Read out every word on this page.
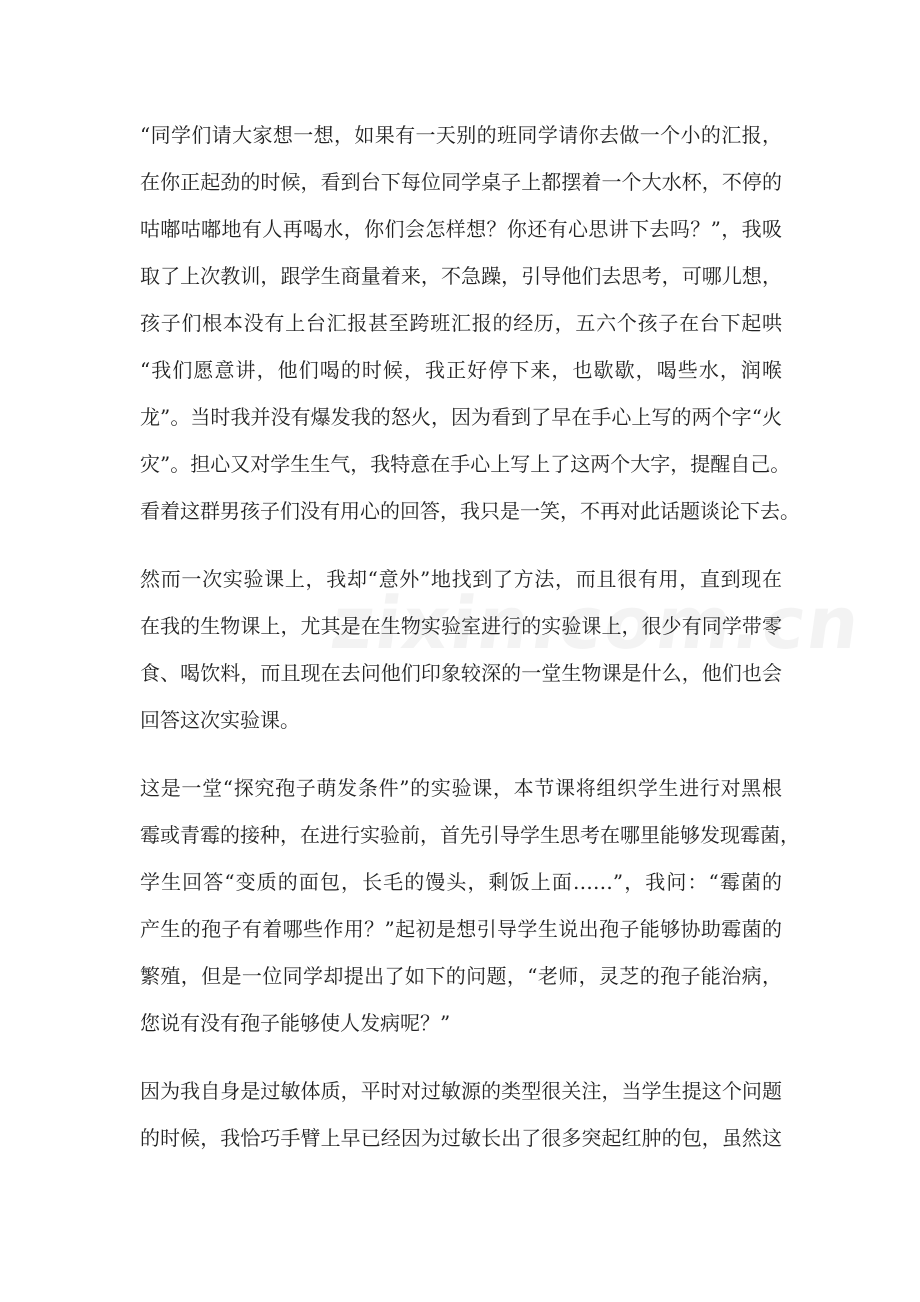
“同学们请大家想一想，如果有一天别的班同学请你去做一个小的汇报，
在你正起劲的时候，看到台下每位同学桌子上都摆着一个大水杯，不停的
咕嘟咕嘟地有人再喝水，你们会怎样想？你还有心思讲下去吗？”，我吸
取了上次教训，跟学生商量着来，不急躁，引导他们去思考，可哪儿想，
孩子们根本没有上台汇报甚至跨班汇报的经历，五六个孩子在台下起哄
“我们愿意讲，他们喝的时候，我正好停下来，也歇歇，喝些水，润喉
龙”。当时我并没有爆发我的怒火，因为看到了早在手心上写的两个字“火
灾”。担心又对学生生气，我特意在手心上写上了这两个大字，提醒自己。
看着这群男孩子们没有用心的回答，我只是一笑，不再对此话题谈论下去。

然而一次实验课上，我却“意外”地找到了方法，而且很有用，直到现在
在我的生物课上，尤其是在生物实验室进行的实验课上，很少有同学带零
食、喝饮料，而且现在去问他们印象较深的一堂生物课是什么，他们也会
回答这次实验课。

这是一堂“探究孢子萌发条件”的实验课，本节课将组织学生进行对黑根
霉或青霉的接种，在进行实验前，首先引导学生思考在哪里能够发现霉菌，
学生回答“变质的面包，长毛的馒头，剩饭上面……”，我问：“霉菌的
产生的孢子有着哪些作用？”起初是想引导学生说出孢子能够协助霉菌的
繁殖，但是一位同学却提出了如下的问题，“老师，灵芝的孢子能治病，
您说有没有孢子能够使人发病呢？”

因为我自身是过敏体质，平时对过敏源的类型很关注，当学生提这个问题
的时候，我恰巧手臂上早已经因为过敏长出了很多突起红肿的包，虽然这
